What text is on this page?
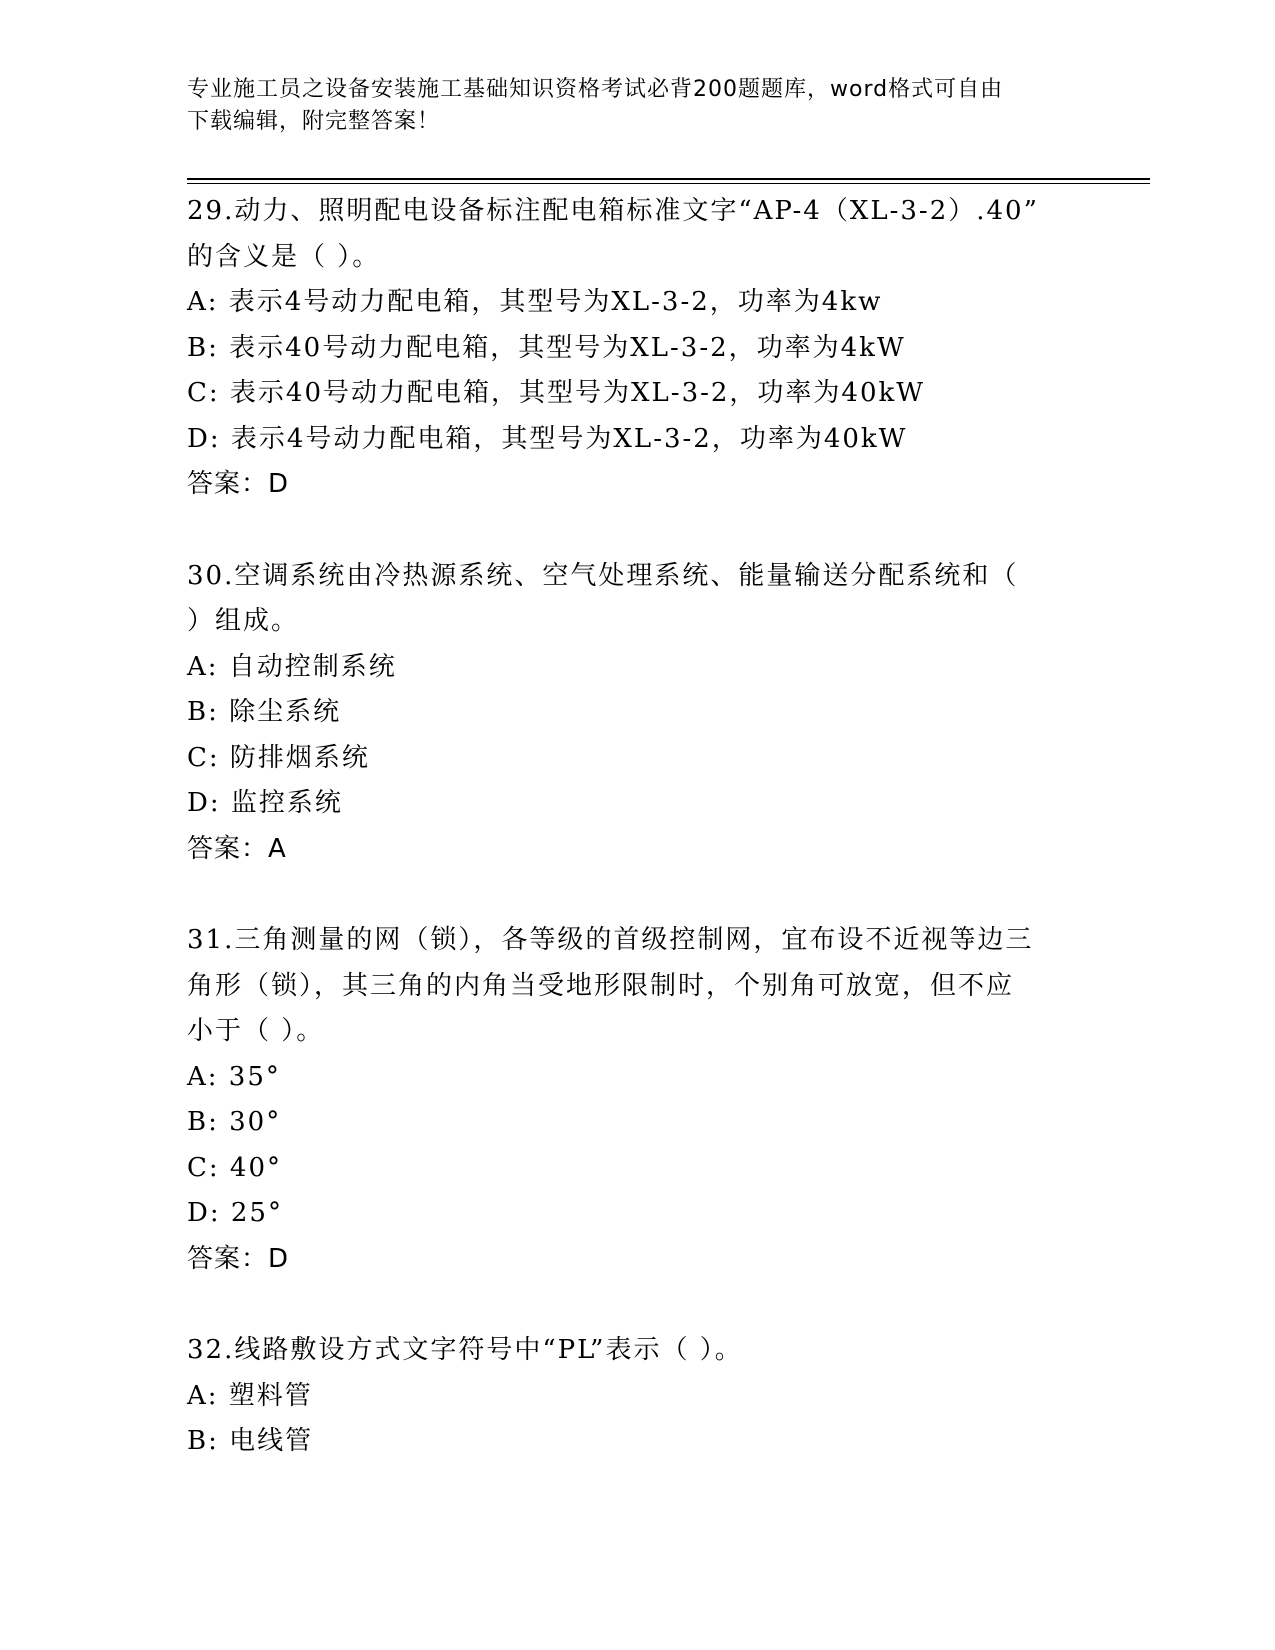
专业施工员之设备安装施工基础知识资格考试必背200题题库，word格式可自由
下载编辑，附完整答案！
29.动力、照明配电设备标注配电箱标准文字“AP-4（XL-3-2）.40”
的含义是（ ）。
A: 表示4号动力配电箱，其型号为XL-3-2，功率为4kw
B: 表示40号动力配电箱，其型号为XL-3-2，功率为4kW
C: 表示40号动力配电箱，其型号为XL-3-2，功率为40kW
D: 表示4号动力配电箱，其型号为XL-3-2，功率为40kW
答案：D
30.空调系统由冷热源系统、空气处理系统、能量输送分配系统和（
）组成。
A: 自动控制系统
B: 除尘系统
C: 防排烟系统
D: 监控系统
答案：A
31.三角测量的网（锁），各等级的首级控制网，宜布设不近视等边三
角形（锁），其三角的内角当受地形限制时，个别角可放宽，但不应
小于（ ）。
A: 35°
B: 30°
C: 40°
D: 25°
答案：D
32.线路敷设方式文字符号中“PL”表示（ ）。
A: 塑料管
B: 电线管
